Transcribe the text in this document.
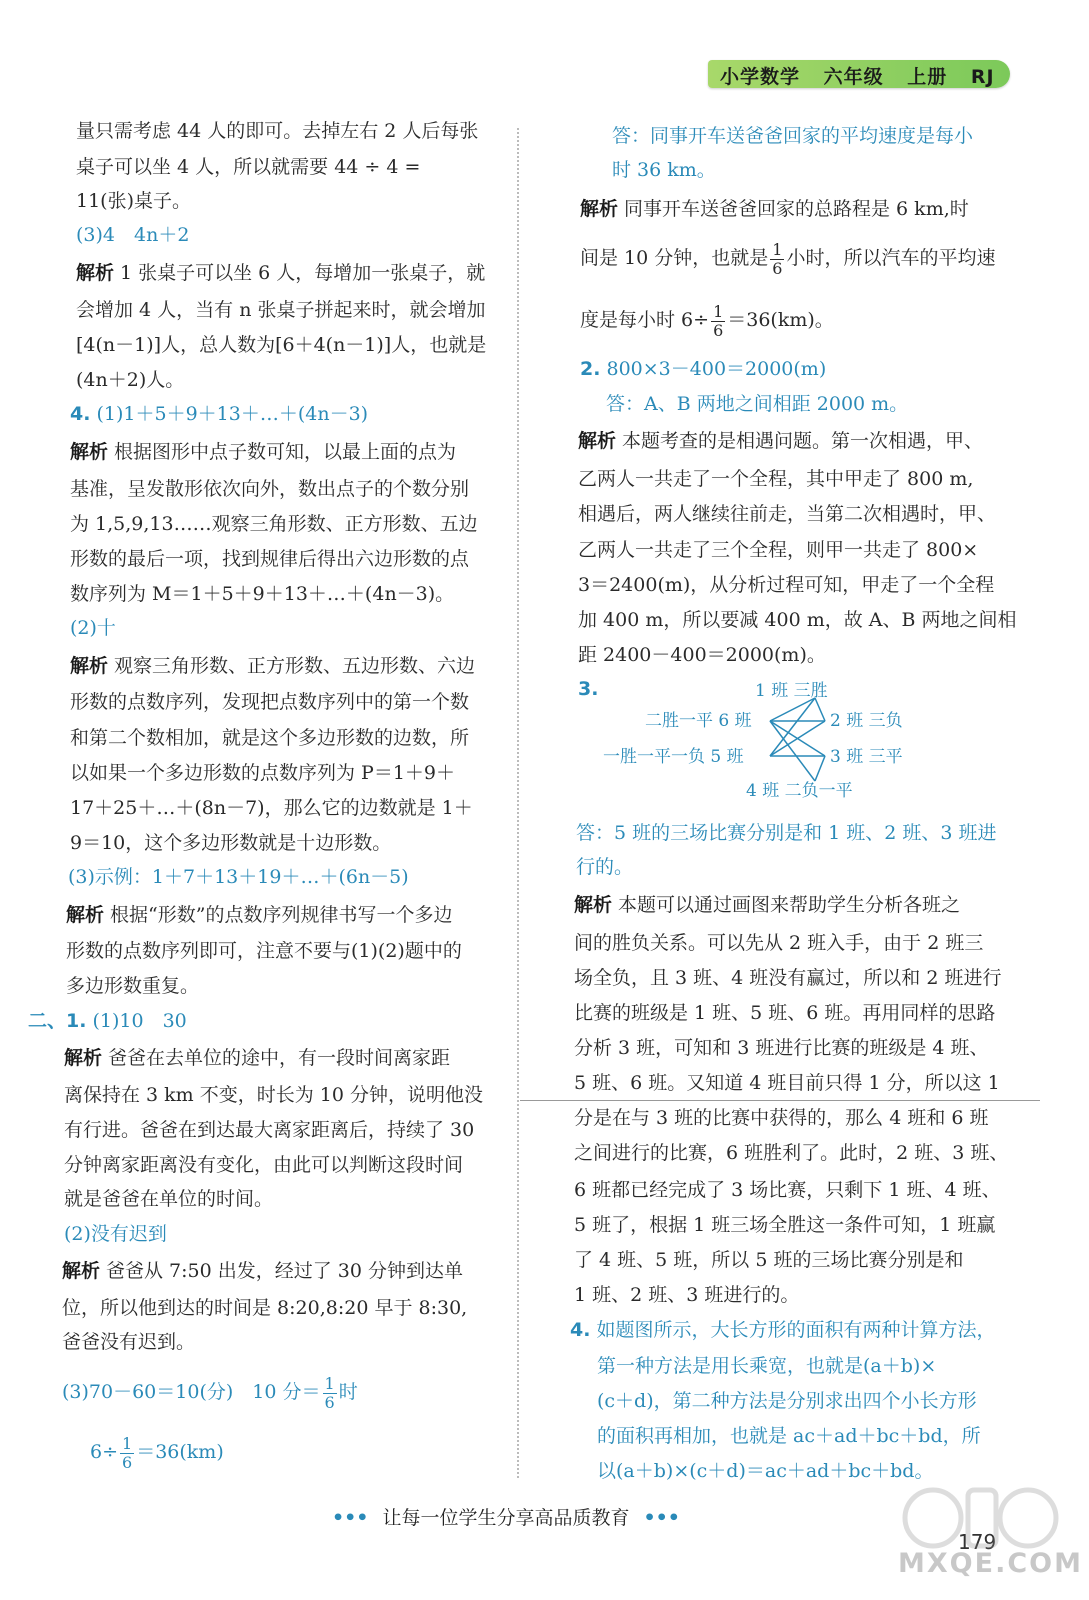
小学数学 六年级 上册 RJ
量只需考虑 44 人的即可。去掉左右 2 人后每张
桌子可以坐 4 人，所以就需要 44 ÷ 4 =
11(张)桌子。
(3)4　4n＋2
解析 1 张桌子可以坐 6 人，每增加一张桌子，就
会增加 4 人，当有 n 张桌子拼起来时，就会增加
[4(n－1)]人，总人数为[6＋4(n－1)]人，也就是
(4n＋2)人。
4. (1)1＋5＋9＋13＋…＋(4n－3)
解析 根据图形中点子数可知，以最上面的点为
基准，呈发散形依次向外，数出点子的个数分别
为 1,5,9,13……观察三角形数、正方形数、五边
形数的最后一项，找到规律后得出六边形数的点
数序列为 M＝1＋5＋9＋13＋…＋(4n－3)。
(2)十
解析 观察三角形数、正方形数、五边形数、六边
形数的点数序列，发现把点数序列中的第一个数
和第二个数相加，就是这个多边形数的边数，所
以如果一个多边形数的点数序列为 P＝1＋9＋
17＋25＋…＋(8n－7)，那么它的边数就是 1＋
9＝10，这个多边形数就是十边形数。
(3)示例：1＋7＋13＋19＋…＋(6n－5)
解析 根据“形数”的点数序列规律书写一个多边
形数的点数序列即可，注意不要与(1)(2)题中的
多边形数重复。
二、1. (1)10　30
解析 爸爸在去单位的途中，有一段时间离家距
离保持在 3 km 不变，时长为 10 分钟，说明他没
有行进。爸爸在到达最大离家距离后，持续了 30
分钟离家距离没有变化，由此可以判断这段时间
就是爸爸在单位的时间。
(2)没有迟到
解析 爸爸从 7:50 出发，经过了 30 分钟到达单
位，所以他到达的时间是 8:20,8:20 早于 8:30,
爸爸没有迟到。
(3)70－60＝10(分)　10 分＝ $\frac{1}{6}$ 时
$6\div \frac{1}{6} =36(km)$
答：同事开车送爸爸回家的平均速度是每小
时 36 km。
解析 同事开车送爸爸回家的总路程是 6 km,时
间是 10 分钟，也就是 $\frac{1}{6}$ 小时，所以汽车的平均速
度是每小时 $6\div \frac{1}{6} =36(km)$。
2. 800×3－400＝2000(m)
答：A、B 两地之间相距 2000 m。
解析 本题考查的是相遇问题。第一次相遇，甲、
乙两人一共走了一个全程，其中甲走了 800 m,
相遇后，两人继续往前走，当第二次相遇时，甲、
乙两人一共走了三个全程，则甲一共走了 800×
3＝2400(m)，从分析过程可知，甲走了一个全程
加 400 m，所以要减 400 m，故 A、B 两地之间相
距 2400－400＝2000(m)。
3.	1 班 三胜
二胜一平 6 班	2 班 三负
一胜一平一负 5 班	3 班 三平
4 班 二负一平
答：5 班的三场比赛分别是和 1 班、2 班、3 班进
行的。
解析 本题可以通过画图来帮助学生分析各班之
间的胜负关系。可以先从 2 班入手，由于 2 班三
场全负，且 3 班、4 班没有赢过，所以和 2 班进行
比赛的班级是 1 班、5 班、6 班。再用同样的思路
分析 3 班，可知和 3 班进行比赛的班级是 4 班、
5 班、6 班。又知道 4 班目前只得 1 分，所以这 1
分是在与 3 班的比赛中获得的，那么 4 班和 6 班
之间进行的比赛，6 班胜利了。此时，2 班、3 班、
6 班都已经完成了 3 场比赛，只剩下 1 班、4 班、
5 班了，根据 1 班三场全胜这一条件可知，1 班赢
了 4 班、5 班，所以 5 班的三场比赛分别是和
1 班、2 班、3 班进行的。
4. 如题图所示，大长方形的面积有两种计算方法，
第一种方法是用长乘宽，也就是(a＋b)×
(c＋d)，第二种方法是分别求出四个小长方形
的面积再相加，也就是 ac＋ad＋bc＋bd，所
以(a＋b)×(c＋d)＝ac＋ad＋bc＋bd。
••• 让每一位学生分享高品质教育 •••
179
MXQE.COM
